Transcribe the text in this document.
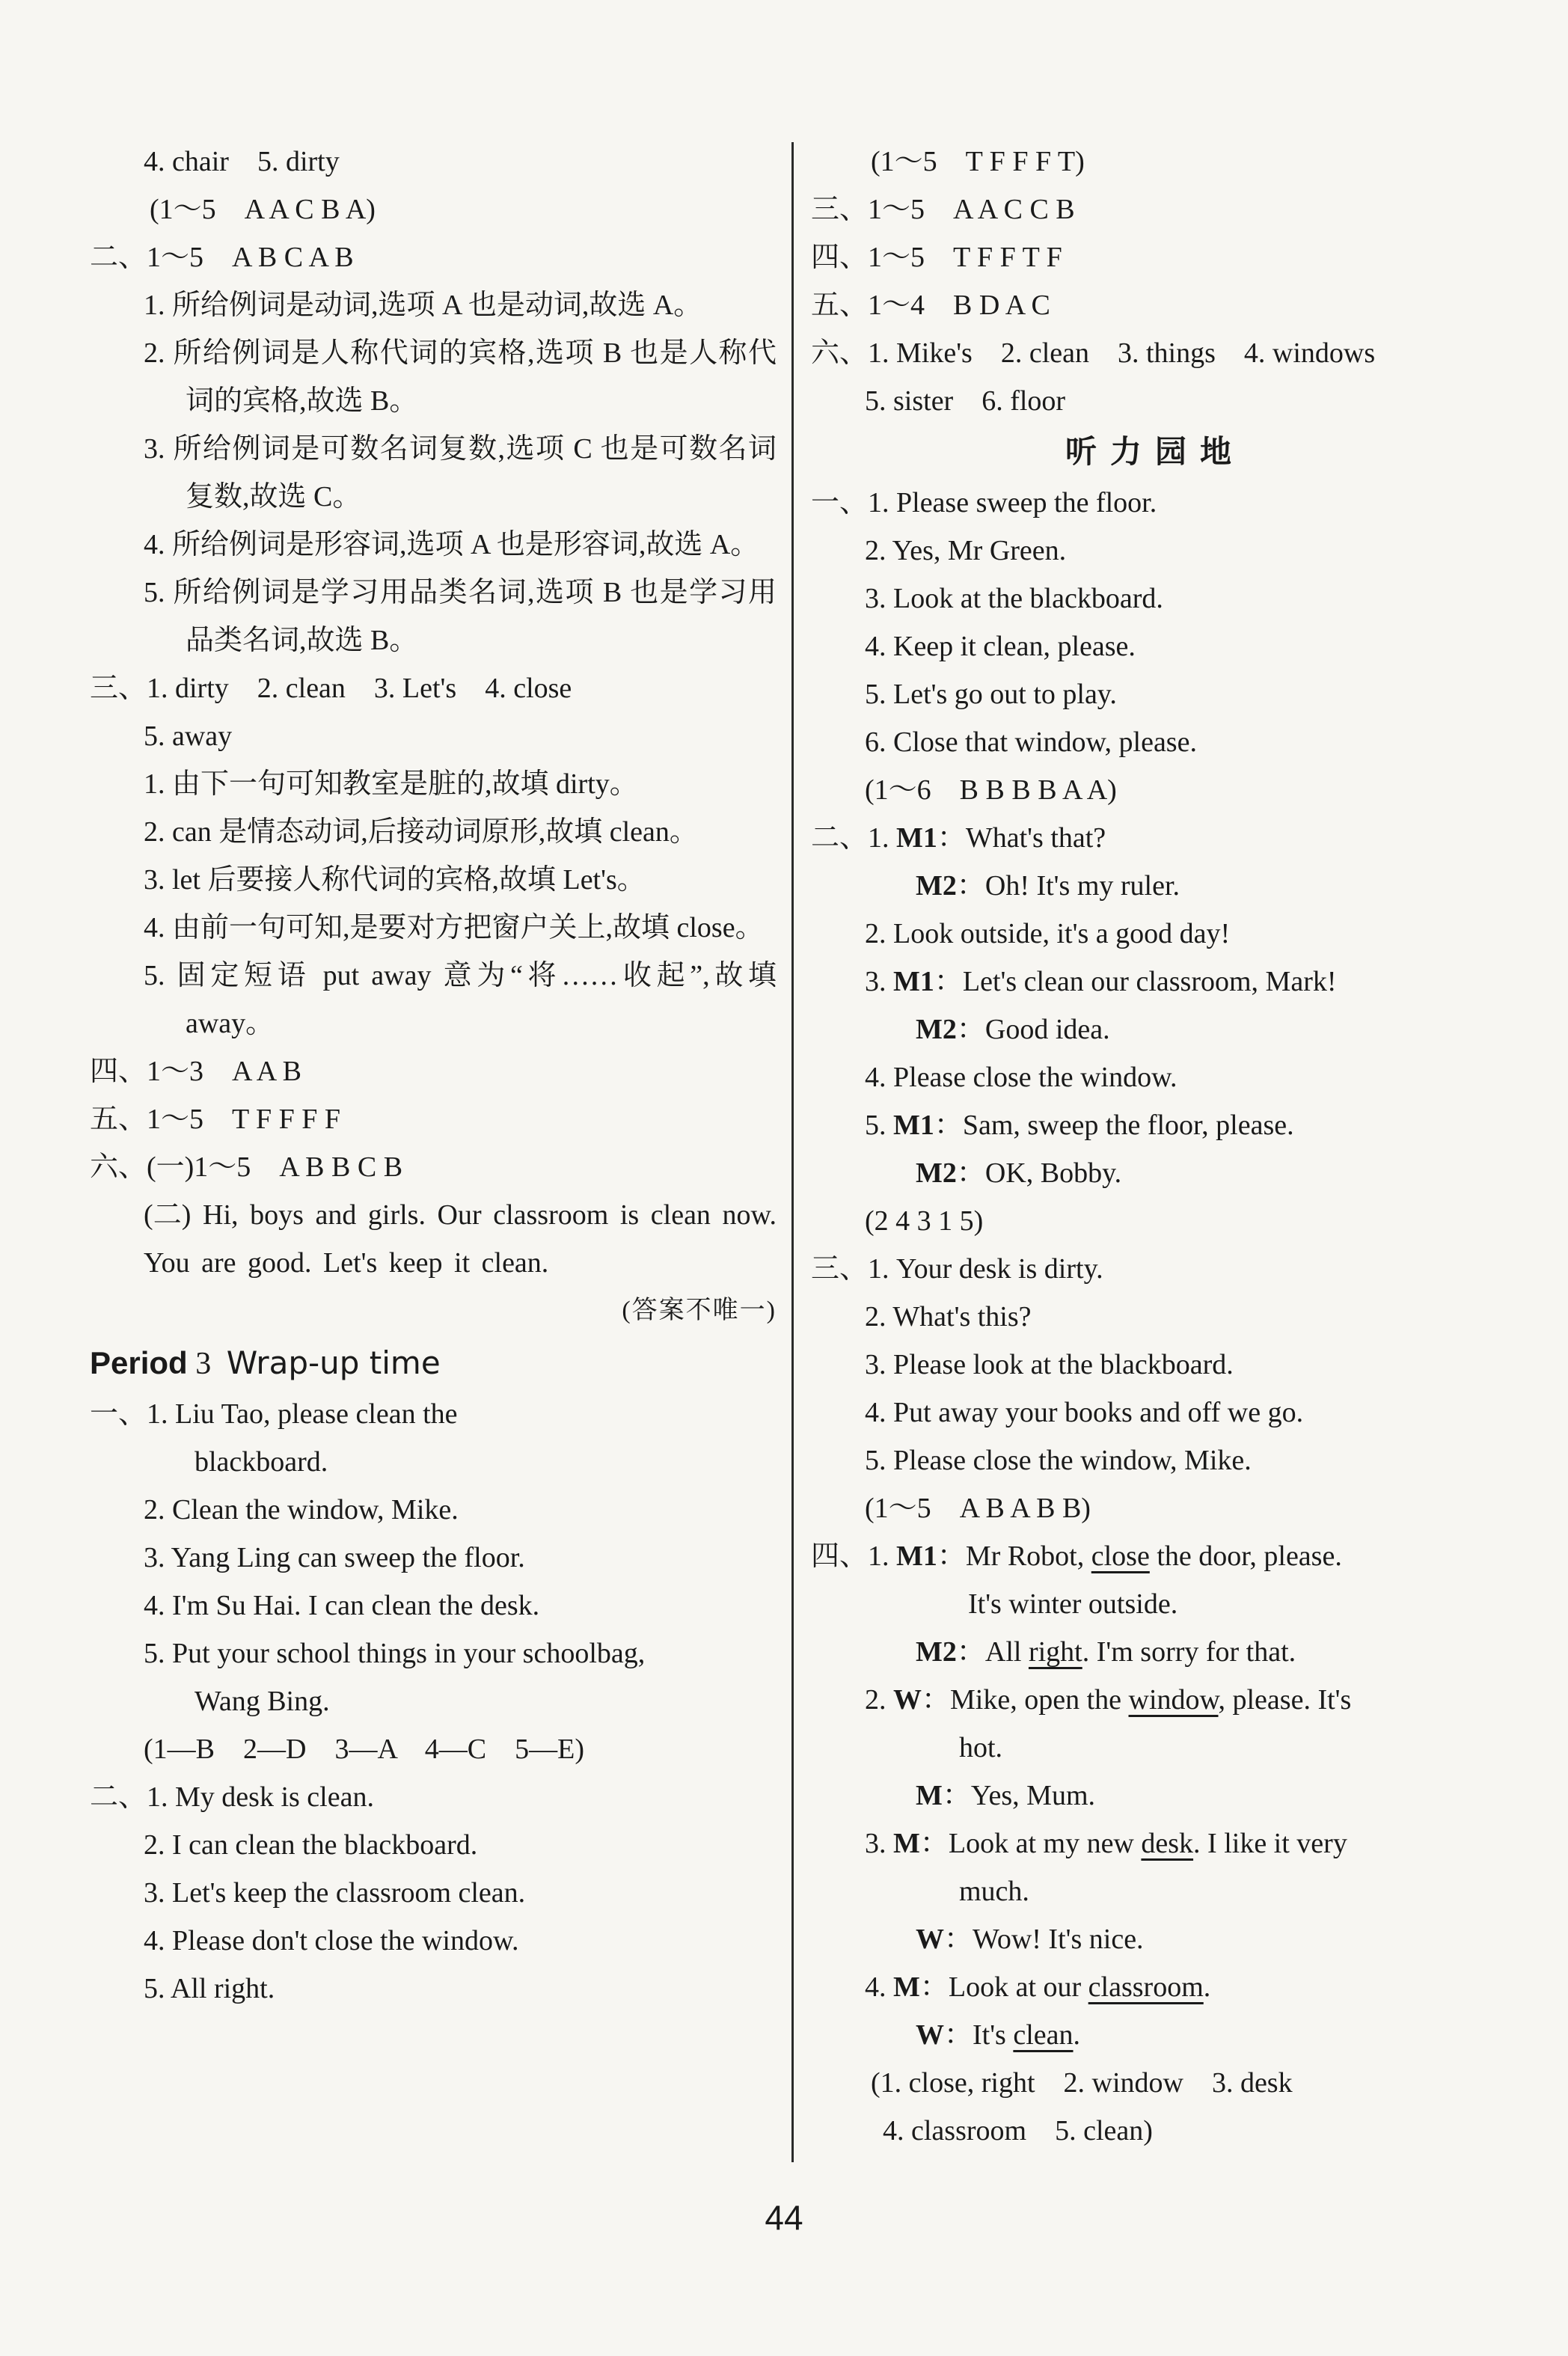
4. chair　5. dirty
(1～5　A A C B A)
二、1～5　A B C A B
1. 所给例词是动词,选项 A 也是动词,故选 A。
2. 所给例词是人称代词的宾格,选项 B 也是人称代词的宾格,故选 B。
3. 所给例词是可数名词复数,选项 C 也是可数名词复数,故选 C。
4. 所给例词是形容词,选项 A 也是形容词,故选 A。
5. 所给例词是学习用品类名词,选项 B 也是学习用品类名词,故选 B。
三、1. dirty　2. clean　3. Let's　4. close
5. away
1. 由下一句可知教室是脏的,故填 dirty。
2. can 是情态动词,后接动词原形,故填 clean。
3. let 后要接人称代词的宾格,故填 Let's。
4. 由前一句可知,是要对方把窗户关上,故填 close。
5. 固定短语 put away 意为“将……收起”,故填 away。
四、1～3　A A B
五、1～5　T F F F F
六、(一)1～5　A B B C B
(二) Hi, boys and girls. Our classroom is clean now. You are good. Let's keep it clean.
(答案不唯一)
Period 3 Wrap-up time
一、1. Liu Tao, please clean the
blackboard.
2. Clean the window, Mike.
3. Yang Ling can sweep the floor.
4. I'm Su Hai. I can clean the desk.
5. Put your school things in your schoolbag,
Wang Bing.
(1—B　2—D　3—A　4—C　5—E)
二、1. My desk is clean.
2. I can clean the blackboard.
3. Let's keep the classroom clean.
4. Please don't close the window.
5. All right.
(1～5　T F F F T)
三、1～5　A A C C B
四、1～5　T F F T F
五、1～4　B D A C
六、1. Mike's　2. clean　3. things　4. windows
5. sister　6. floor
听力园地
一、1. Please sweep the floor.
2. Yes, Mr Green.
3. Look at the blackboard.
4. Keep it clean, please.
5. Let's go out to play.
6. Close that window, please.
(1～6　B B B B A A)
二、1. M1：What's that?
M2：Oh! It's my ruler.
2. Look outside, it's a good day!
3. M1：Let's clean our classroom, Mark!
M2：Good idea.
4. Please close the window.
5. M1：Sam, sweep the floor, please.
M2：OK, Bobby.
(2 4 3 1 5)
三、1. Your desk is dirty.
2. What's this?
3. Please look at the blackboard.
4. Put away your books and off we go.
5. Please close the window, Mike.
(1～5　A B A B B)
四、1. M1：Mr Robot, close the door, please.
It's winter outside.
M2：All right. I'm sorry for that.
2. W：Mike, open the window, please. It's
hot.
M：Yes, Mum.
3. M：Look at my new desk. I like it very
much.
W：Wow! It's nice.
4. M：Look at our classroom.
W：It's clean.
(1. close, right　2. window　3. desk
4. classroom　5. clean)
44
